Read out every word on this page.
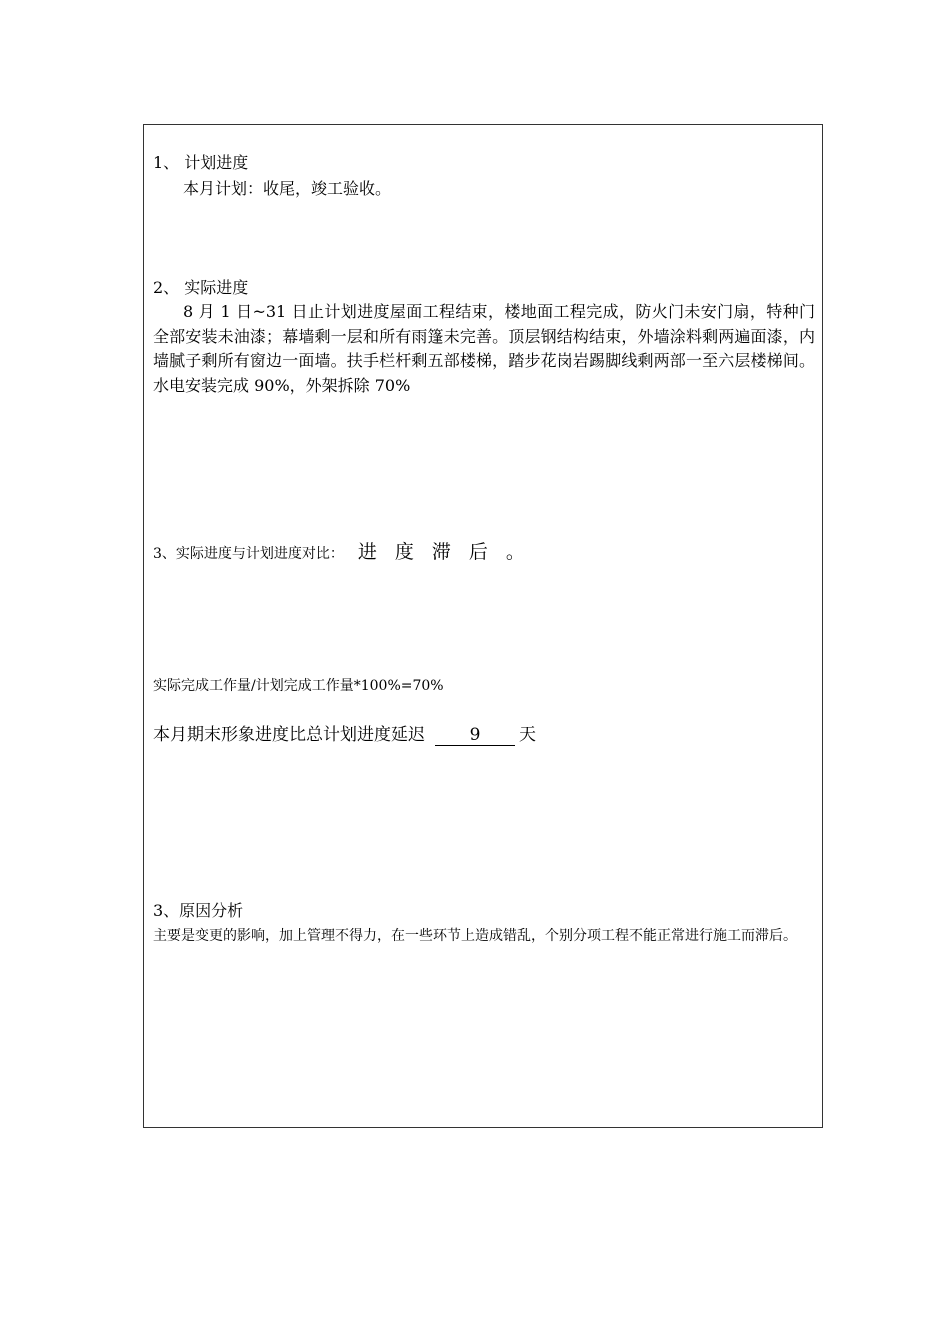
1、 计划进度
本月计划：收尾，竣工验收。
2、 实际进度

8 月 1 日~31 日止计划进度屋面工程结束，楼地面工程完成，防火门未安门扇，特种门全部安装未油漆；幕墙剩一层和所有雨篷未完善。顶层钢结构结束，外墙涂料剩两遍面漆，内墙腻子剩所有窗边一面墙。扶手栏杆剩五部楼梯，踏步花岗岩踢脚线剩两部一至六层楼梯间。水电安装完成 90%，外架拆除 70%

3、实际进度与计划进度对比： 进度滞后。
实际完成工作量/计划完成工作量*100%=70%
本月期末形象进度比总计划进度延迟	9 天
3、原因分析

主要是变更的影响，加上管理不得力，在一些环节上造成错乱，个别分项工程不能正常进行施工而滞后。
